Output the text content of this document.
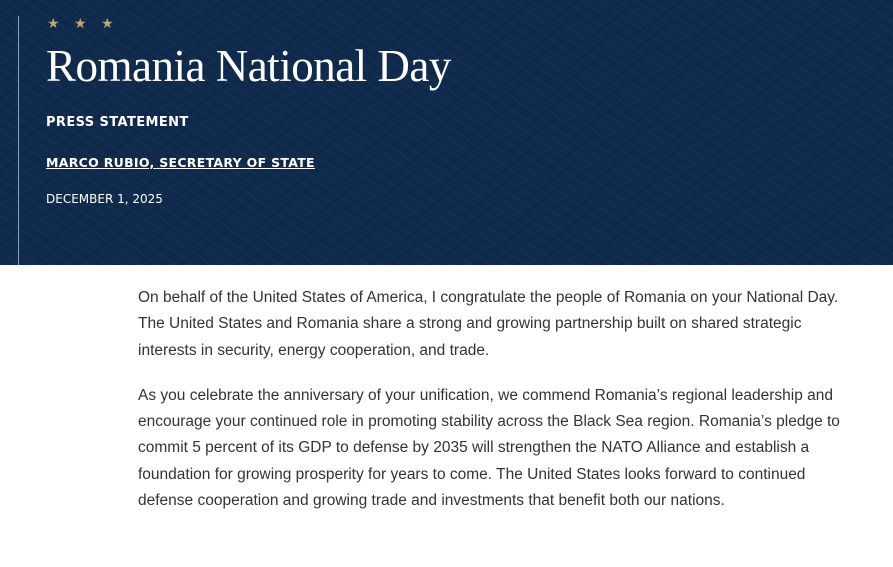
★ ★ ★
Romania National Day
PRESS STATEMENT
MARCO RUBIO, SECRETARY OF STATE
DECEMBER 1, 2025

On behalf of the United States of America, I congratulate the people of Romania on your National Day. The United States and Romania share a strong and growing partnership built on shared strategic interests in security, energy cooperation, and trade.

As you celebrate the anniversary of your unification, we commend Romania’s regional leadership and encourage your continued role in promoting stability across the Black Sea region. Romania’s pledge to commit 5 percent of its GDP to defense by 2035 will strengthen the NATO Alliance and establish a foundation for growing prosperity for years to come. The United States looks forward to continued defense cooperation and growing trade and investments that benefit both our nations.
